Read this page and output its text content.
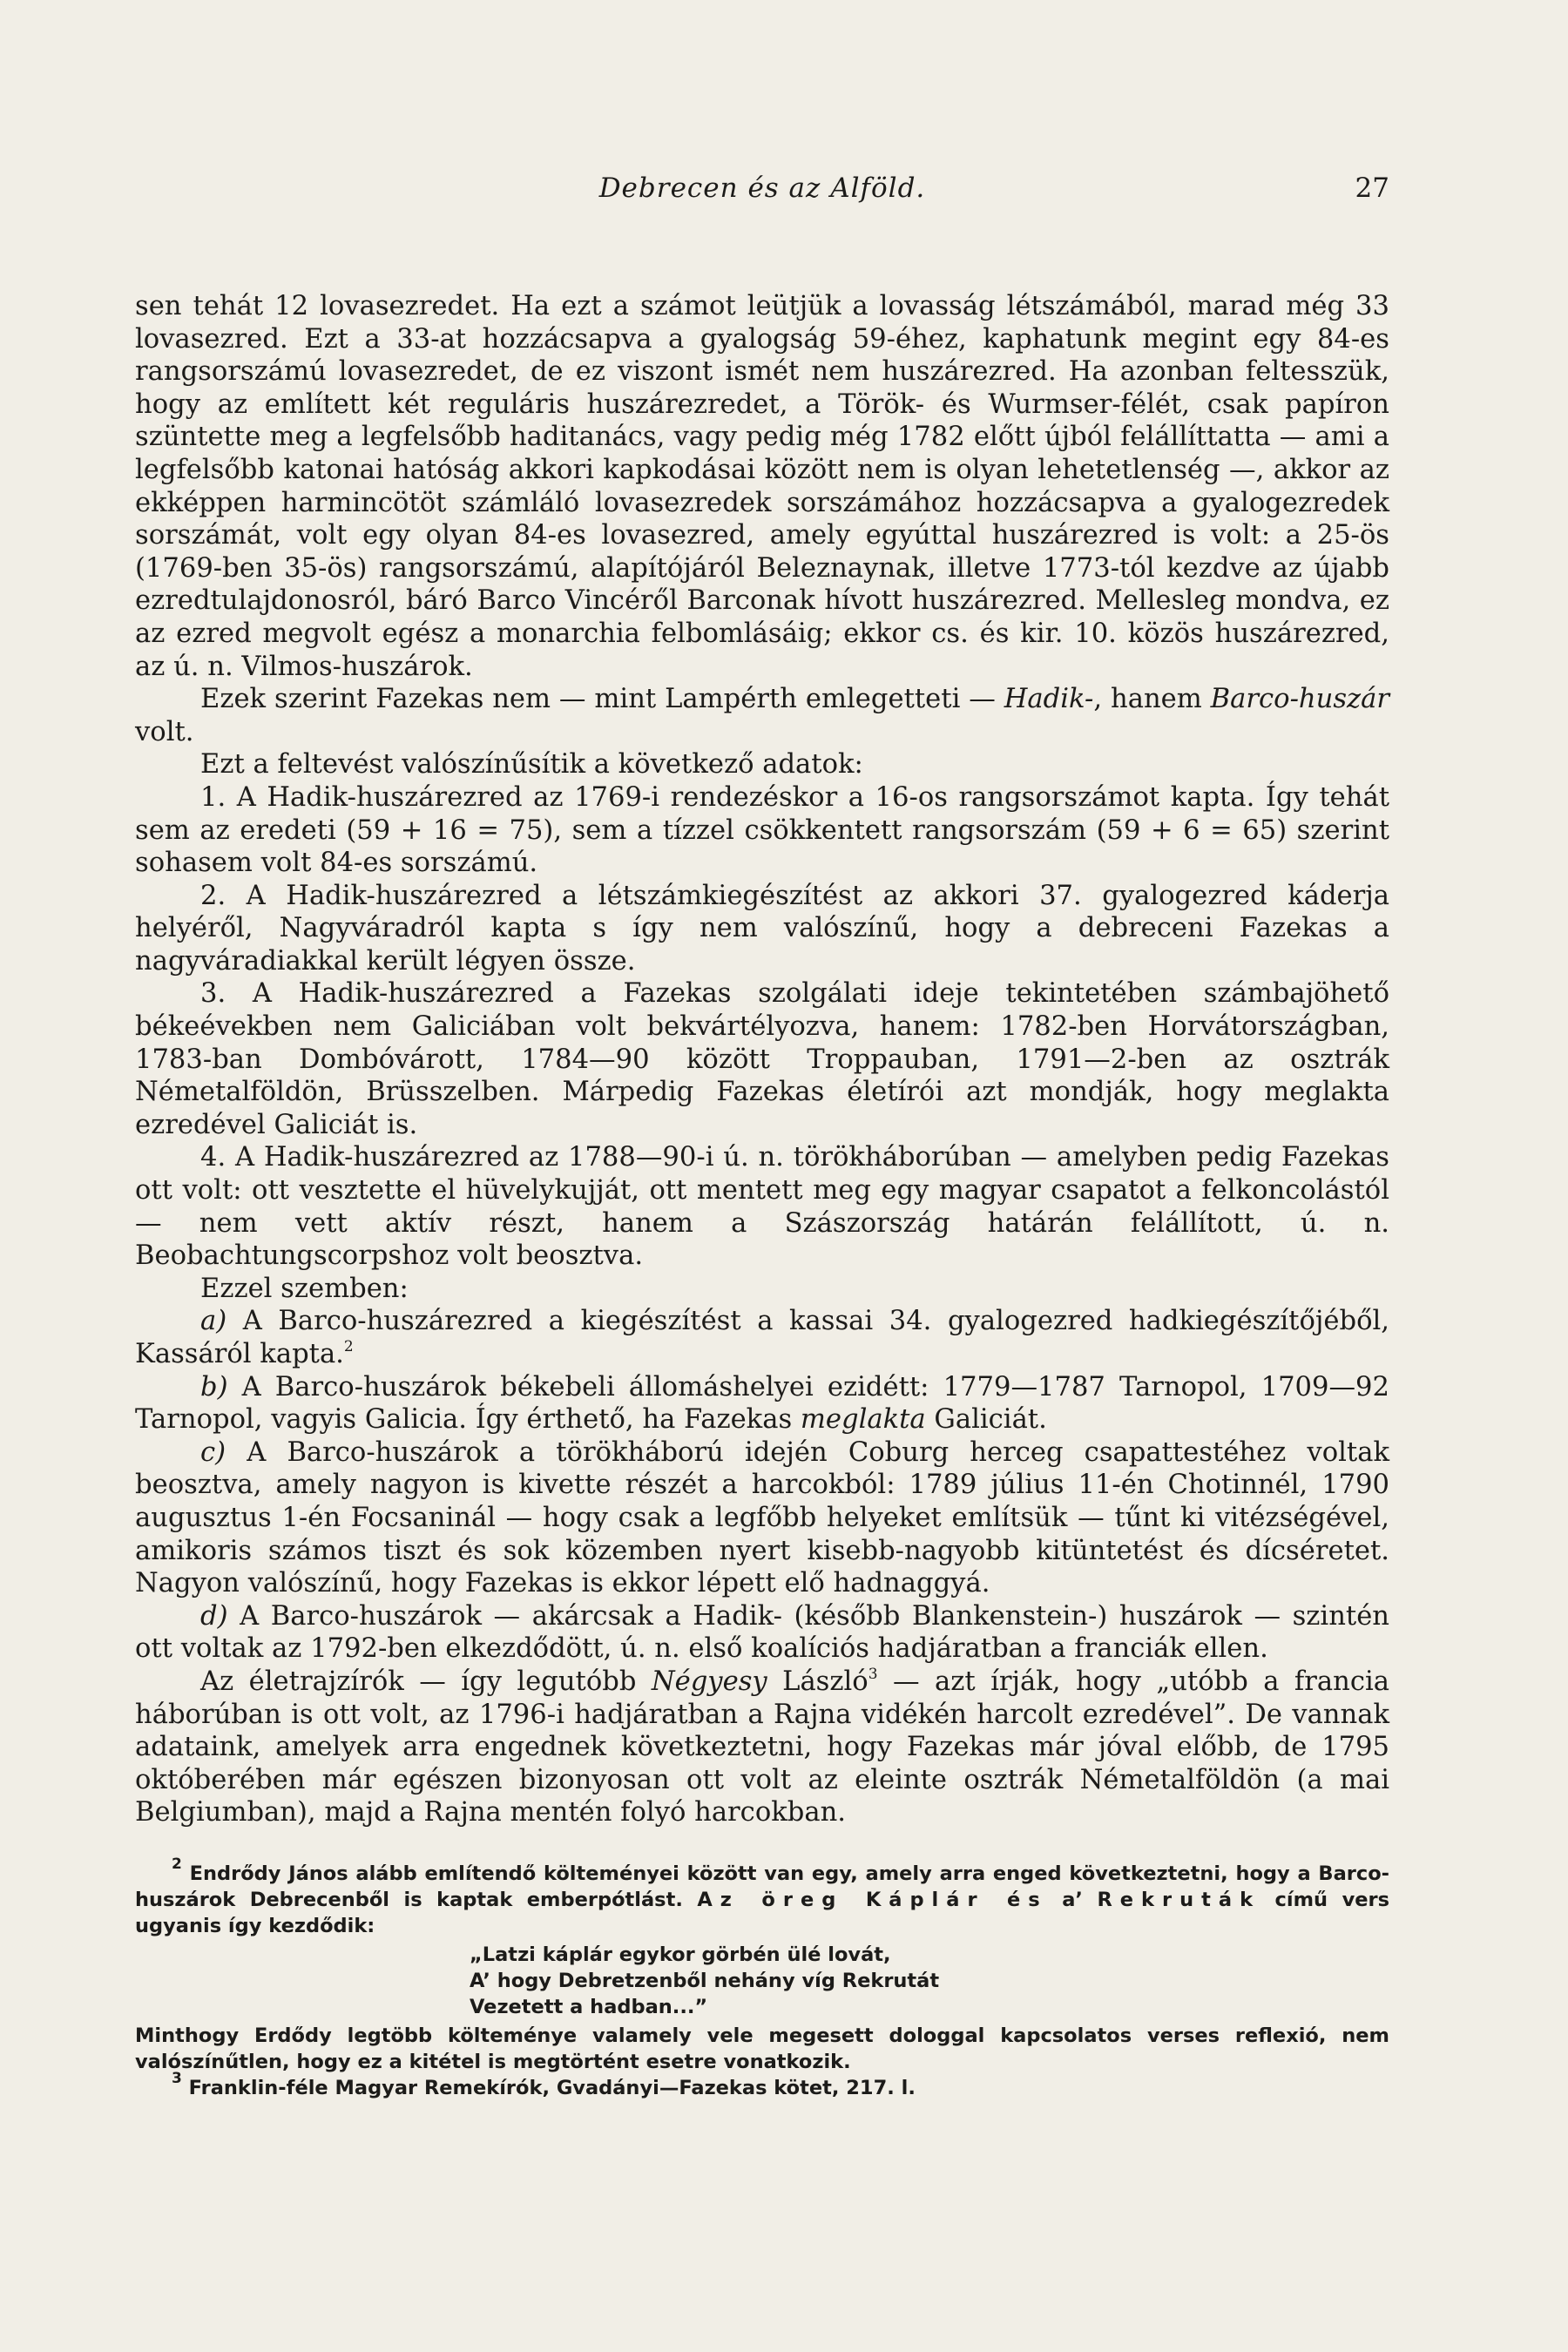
Debrecen és az Alföld.	27

sen tehát 12 lovasezredet. Ha ezt a számot leütjük a lovasság létszámából, marad még 33 lovasezred. Ezt a 33-at hozzácsapva a gyalogság 59-éhez, kaphatunk megint egy 84-es rangsorszámú lovasezredet, de ez viszont ismét nem huszárezred. Ha azonban feltesszük, hogy az említett két reguláris huszárezredet, a Török- és Wurmser-félét, csak papíron szüntette meg a legfelsőbb haditanács, vagy pedig még 1782 előtt újból felállíttatta — ami a legfelsőbb katonai hatóság akkori kapkodásai között nem is olyan lehetetlenség —, akkor az ekképpen harmincötöt számláló lovasezredek sorszámához hozzácsapva a gyalogezredek sorszámát, volt egy olyan 84-es lovasezred, amely egyúttal huszárezred is volt: a 25-ös (1769-ben 35-ös) rangsorszámú, alapítójáról Beleznaynak, illetve 1773-tól kezdve az újabb ezredtulajdonosról, báró Barco Vincéről Barconak hívott huszárezred. Mellesleg mondva, ez az ezred megvolt egész a monarchia felbomlásáig; ekkor cs. és kir. 10. közös huszárezred, az ú. n. Vilmos-huszárok.

Ezek szerint Fazekas nem — mint Lampérth emlegetteti — Hadik-, hanem Barco-huszár volt.

Ezt a feltevést valószínűsítik a következő adatok:

1. A Hadik-huszárezred az 1769-i rendezéskor a 16-os rangsorszámot kapta. Így tehát sem az eredeti (59 + 16 = 75), sem a tízzel csökkentett rangsorszám (59 + 6 = 65) szerint sohasem volt 84-es sorszámú.

2. A Hadik-huszárezred a létszámkiegészítést az akkori 37. gyalogezred káderja helyéről, Nagyváradról kapta s így nem valószínű, hogy a debreceni Fazekas a nagyváradiakkal került légyen össze.

3. A Hadik-huszárezred a Fazekas szolgálati ideje tekintetében számbajöhető békeévekben nem Galiciában volt bekvártélyozva, hanem: 1782-ben Horvátországban, 1783-ban Dombóvárott, 1784—90 között Troppauban, 1791—2-ben az osztrák Németalföldön, Brüsszelben. Márpedig Fazekas életírói azt mondják, hogy meglakta ezredével Galiciát is.

4. A Hadik-huszárezred az 1788—90-i ú. n. törökháborúban — amelyben pedig Fazekas ott volt: ott vesztette el hüvelykujját, ott mentett meg egy magyar csapatot a felkoncolástól — nem vett aktív részt, hanem a Szászország határán felállított, ú. n. Beobachtungscorpshoz volt beosztva.

Ezzel szemben:

a) A Barco-huszárezred a kiegészítést a kassai 34. gyalogezred hadkiegészítőjéből, Kassáról kapta.$^2$

b) A Barco-huszárok békebeli állomáshelyei ezidétt: 1779—1787 Tarnopol, 1709—92 Tarnopol, vagyis Galicia. Így érthető, ha Fazekas meglakta Galiciát.

c) A Barco-huszárok a törökháború idején Coburg herceg csapattestéhez voltak beosztva, amely nagyon is kivette részét a harcokból: 1789 július 11-én Chotinnél, 1790 augusztus 1-én Focsaninál — hogy csak a legfőbb helyeket említsük — tűnt ki vitézségével, amikoris számos tiszt és sok közemben nyert kisebb-nagyobb kitüntetést és dícséretet. Nagyon valószínű, hogy Fazekas is ekkor lépett elő hadnaggyá.

d) A Barco-huszárok — akárcsak a Hadik- (később Blankenstein-) huszárok — szintén ott voltak az 1792-ben elkezdődött, ú. n. első koalíciós hadjáratban a franciák ellen.

Az életrajzírók — így legutóbb Négyesy László$^3$ — azt írják, hogy „utóbb a francia háborúban is ott volt, az 1796-i hadjáratban a Rajna vidékén harcolt ezredével”. De vannak adataink, amelyek arra engednek következtetni, hogy Fazekas már jóval előbb, de 1795 októberében már egészen bizonyosan ott volt az eleinte osztrák Németalföldön (a mai Belgiumban), majd a Rajna mentén folyó harcokban.

$^2$ Endrődy János alább említendő költeményei között van egy, amely arra enged következtetni, hogy a Barco-huszárok Debrecenből is kaptak emberpótlást. Az öreg Káplár és a’ Rekruták című vers ugyanis így kezdődik:

„Latzi káplár egykor görbén ülé lovát,
A’ hogy Debretzenből nehány víg Rekrutát
Vezetett a hadban...”

Minthogy Erdődy legtöbb költeménye valamely vele megesett dologgal kapcsolatos verses reflexió, nem valószínűtlen, hogy ez a kitétel is megtörtént esetre vonatkozik.

$^3$ Franklin-féle Magyar Remekírók, Gvadányi—Fazekas kötet, 217. l.
